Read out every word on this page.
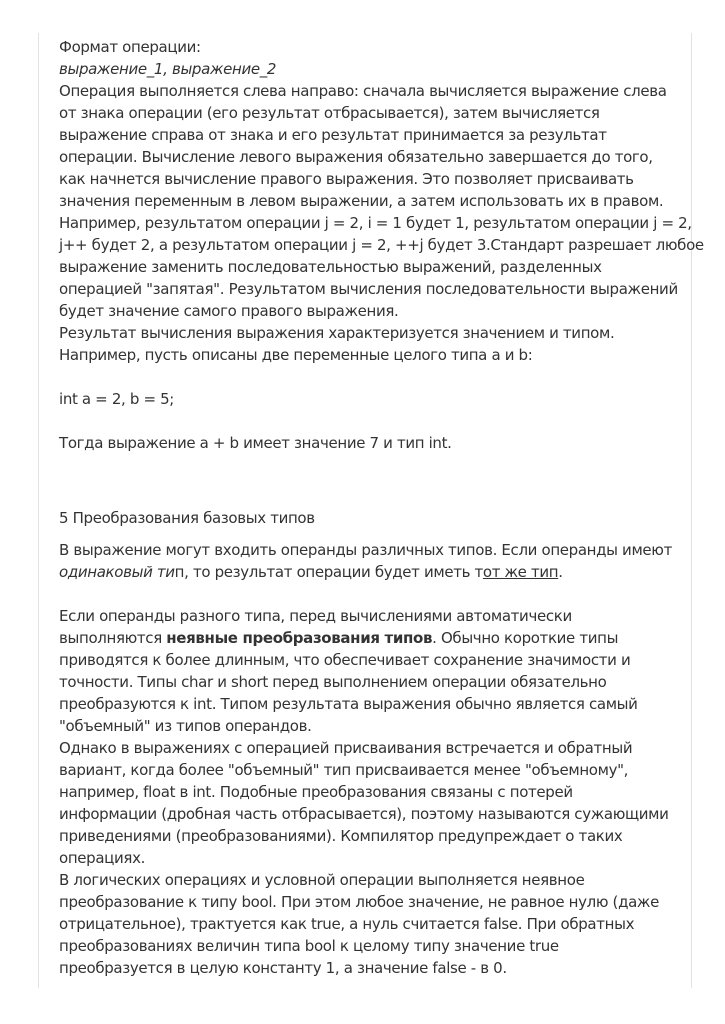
Формат операции:
выражение_1, выражение_2
Операция выполняется слева направо: сначала вычисляется выражение слева
от знака операции (его результат отбрасывается), затем вычисляется
выражение справа от знака и его результат принимается за результат
операции. Вычисление левого выражения обязательно завершается до того,
как начнется вычисление правого выражения. Это позволяет присваивать
значения переменным в левом выражении, а затем использовать их в правом.
Например, результатом операции j = 2, i = 1 будет 1, результатом операции j = 2,
j++ будет 2, а результатом операции j = 2, ++j будет 3.Стандарт разрешает любое
выражение заменить последовательностью выражений, разделенных
операцией "запятая". Результатом вычисления последовательности выражений
будет значение самого правого выражения.
Результат вычисления выражения характеризуется значением и типом.
Например, пусть описаны две переменные целого типа a и b:
int a = 2, b = 5;
Тогда выражение a + b имеет значение 7 и тип int.
5 Преобразования базовых типов
В выражение могут входить операнды различных типов. Если операнды имеют
одинаковый тип, то результат операции будет иметь тот же тип.
Если операнды разного типа, перед вычислениями автоматически
выполняются неявные преобразования типов. Обычно короткие типы
приводятся к более длинным, что обеспечивает сохранение значимости и
точности. Типы char и short перед выполнением операции обязательно
преобразуются к int. Типом результата выражения обычно является самый
"объемный" из типов операндов.
Однако в выражениях с операцией присваивания встречается и обратный
вариант, когда более "объемный" тип присваивается менее "объемному",
например, float в int. Подобные преобразования связаны с потерей
информации (дробная часть отбрасывается), поэтому называются сужающими
приведениями (преобразованиями). Компилятор предупреждает о таких
операциях.
В логических операциях и условной операции выполняется неявное
преобразование к типу bool. При этом любое значение, не равное нулю (даже
отрицательное), трактуется как true, а нуль считается false. При обратных
преобразованиях величин типа bool к целому типу значение true
преобразуется в целую константу 1, а значение false - в 0.
